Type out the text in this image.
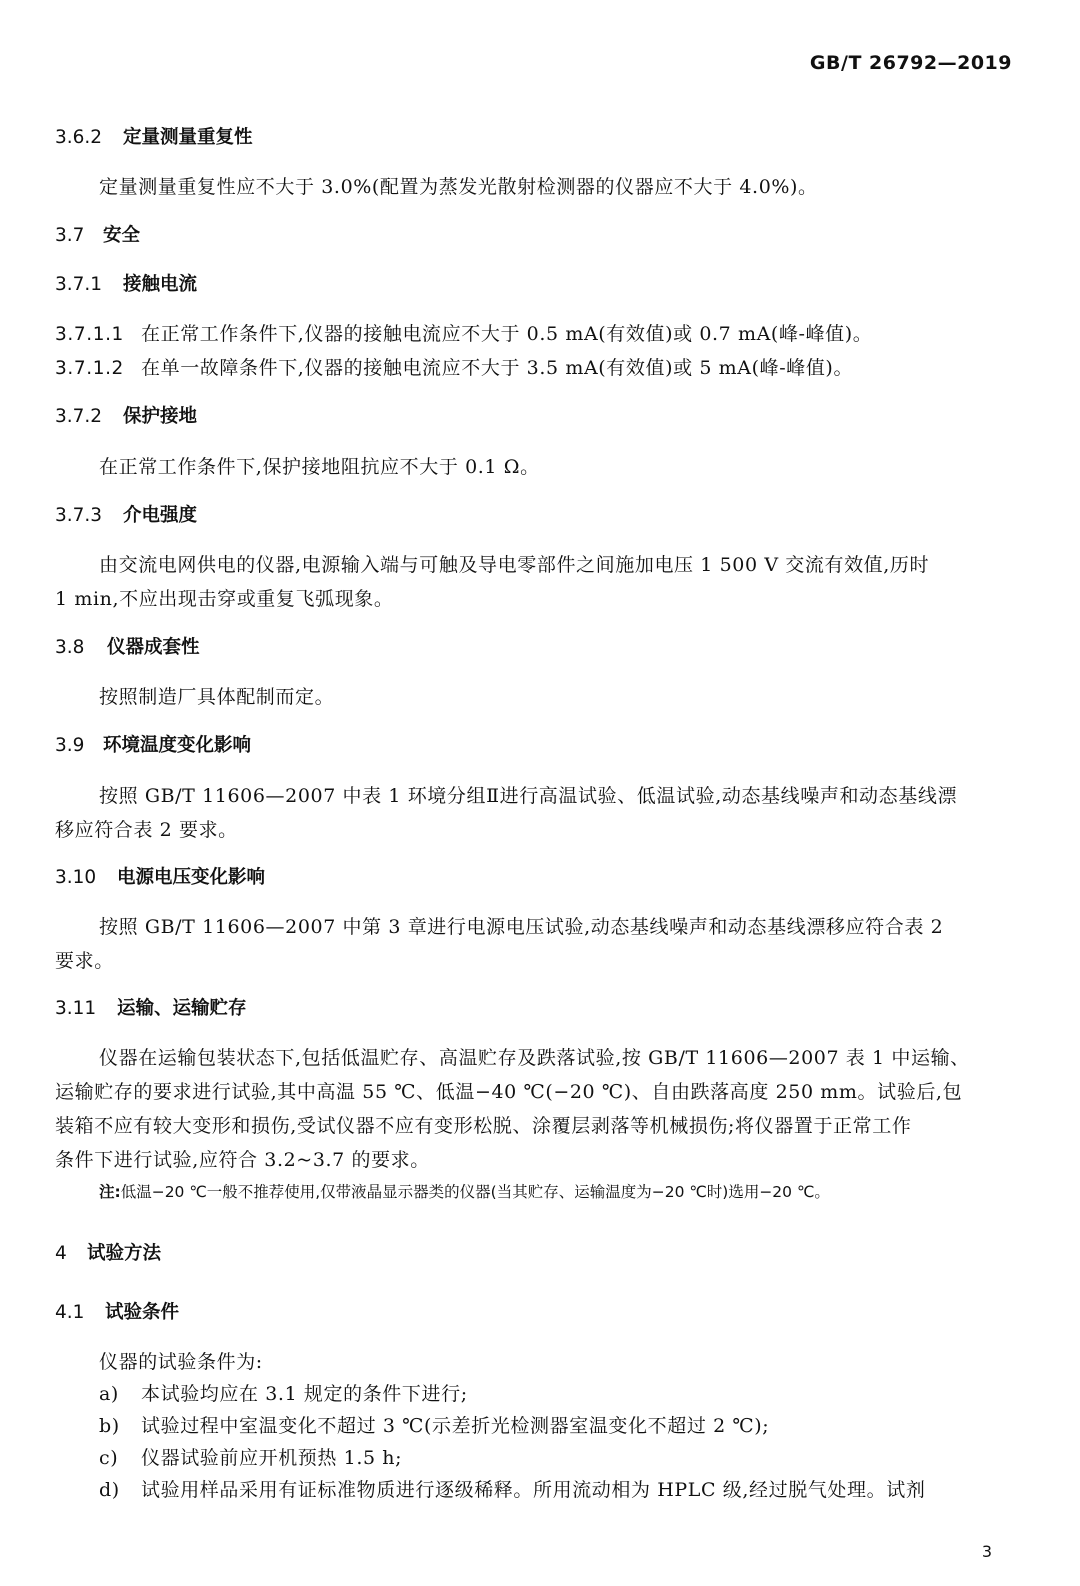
GB/T 26792—2019
3.6.2 定量测量重复性
定量测量重复性应不大于 3.0%(配置为蒸发光散射检测器的仪器应不大于 4.0%)。
3.7 安全
3.7.1 接触电流
3.7.1.1 在正常工作条件下,仪器的接触电流应不大于 0.5 mA(有效值)或 0.7 mA(峰-峰值)。
3.7.1.2 在单一故障条件下,仪器的接触电流应不大于 3.5 mA(有效值)或 5 mA(峰-峰值)。
3.7.2 保护接地
在正常工作条件下,保护接地阻抗应不大于 0.1 Ω。
3.7.3 介电强度
由交流电网供电的仪器,电源输入端与可触及导电零部件之间施加电压 1 500 V 交流有效值,历时
1 min,不应出现击穿或重复飞弧现象。
3.8 仪器成套性
按照制造厂具体配制而定。
3.9 环境温度变化影响
按照 GB/T 11606—2007 中表 1 环境分组Ⅱ进行高温试验、低温试验,动态基线噪声和动态基线漂
移应符合表 2 要求。
3.10 电源电压变化影响
按照 GB/T 11606—2007 中第 3 章进行电源电压试验,动态基线噪声和动态基线漂移应符合表 2
要求。
3.11 运输、运输贮存
仪器在运输包装状态下,包括低温贮存、高温贮存及跌落试验,按 GB/T 11606—2007 表 1 中运输、
运输贮存的要求进行试验,其中高温 55 ℃、低温−40 ℃(−20 ℃)、自由跌落高度 250 mm。试验后,包
装箱不应有较大变形和损伤,受试仪器不应有变形松脱、涂覆层剥落等机械损伤;将仪器置于正常工作
条件下进行试验,应符合 3.2~3.7 的要求。
注:低温−20 ℃一般不推荐使用,仅带液晶显示器类的仪器(当其贮存、运输温度为−20 ℃时)选用−20 ℃。
4 试验方法
4.1 试验条件
仪器的试验条件为:
a) 本试验均应在 3.1 规定的条件下进行;
b) 试验过程中室温变化不超过 3 ℃(示差折光检测器室温变化不超过 2 ℃);
c) 仪器试验前应开机预热 1.5 h;
d) 试验用样品采用有证标准物质进行逐级稀释。所用流动相为 HPLC 级,经过脱气处理。试剂
3
